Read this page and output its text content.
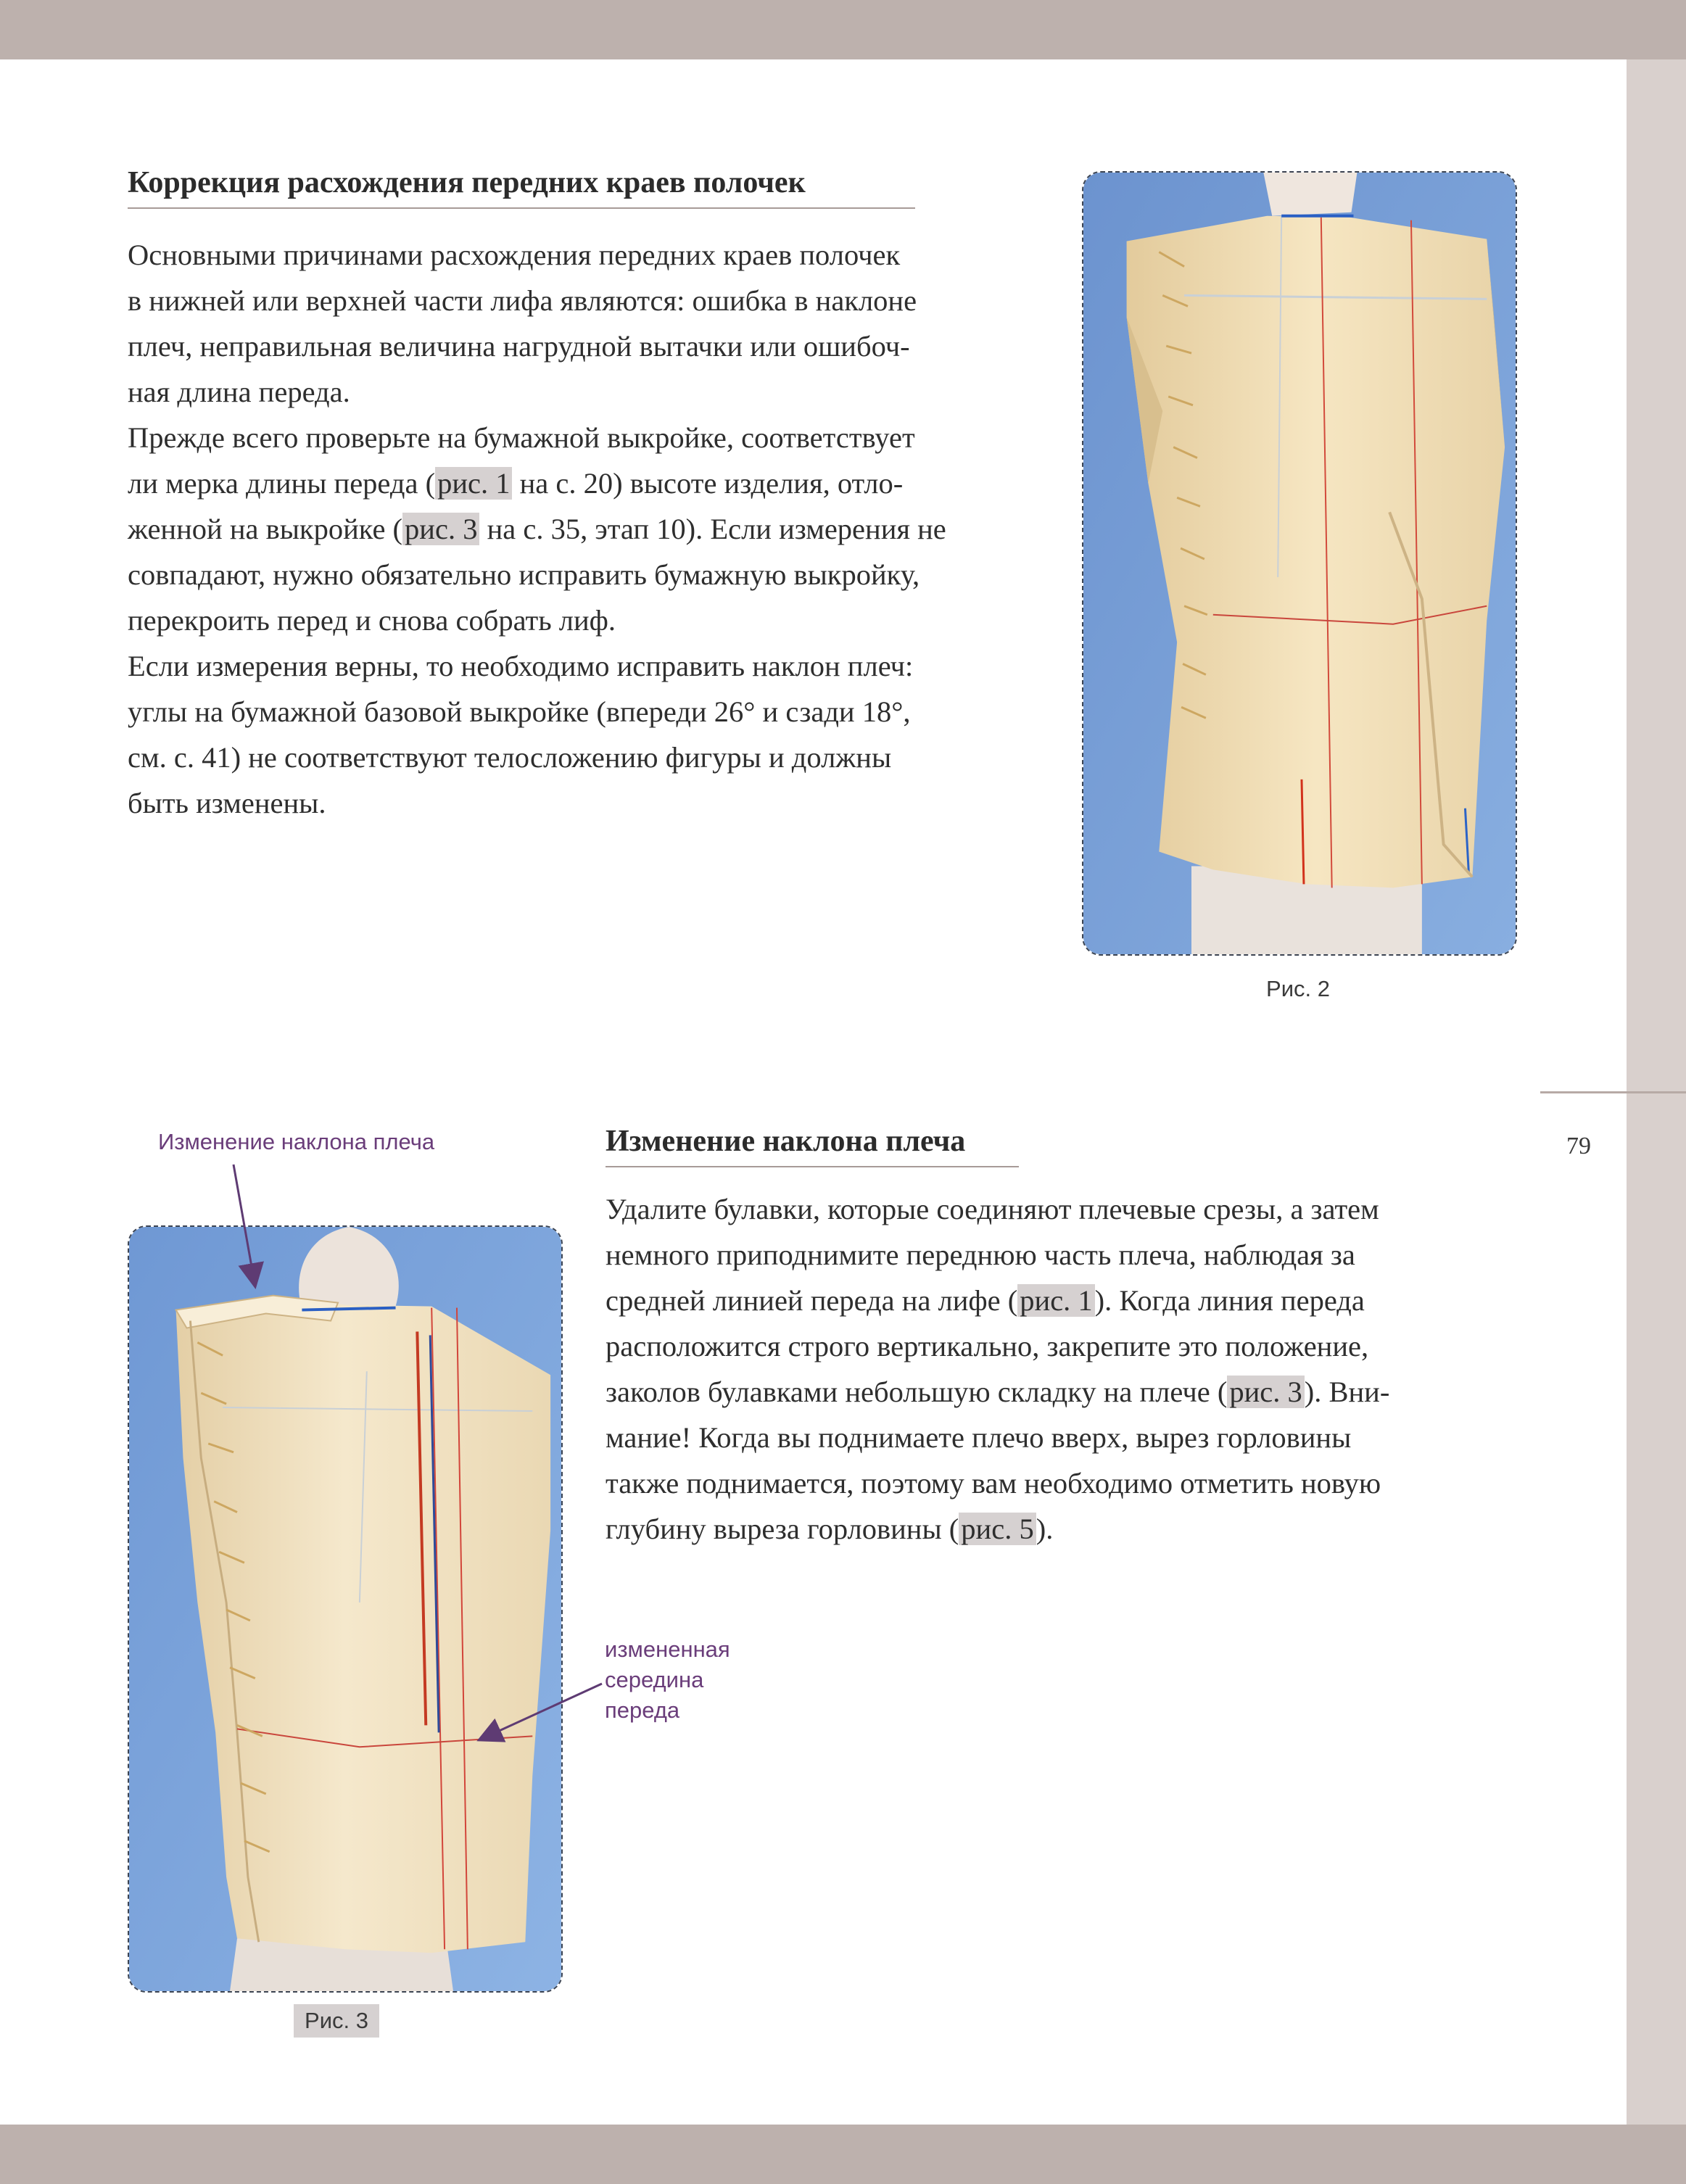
79
Коррекция расхождения передних краев полочек

Основными причинами расхождения передних краев полочек
в нижней или верхней части лифа являются: ошибка в наклоне
плеч, неправильная величина нагрудной вытачки или ошибоч-
ная длина переда.
Прежде всего проверьте на бумажной выкройке, соответствует
ли мерка длины переда (рис. 1 на с. 20) высоте изделия, отло-
женной на выкройке (рис. 3 на с. 35, этап 10). Если измерения не
совпадают, нужно обязательно исправить бумажную выкройку,
перекроить перед и снова собрать лиф.
Если измерения верны, то необходимо исправить наклон плеч:
углы на бумажной базовой выкройке (впереди 26° и сзади 18°,
см. с. 41) не соответствуют телосложению фигуры и должны
быть изменены.

Рис. 2
Изменение наклона плеча

Удалите булавки, которые соединяют плечевые срезы, а затем
немного приподнимите переднюю часть плеча, наблюдая за
средней линией переда на лифе (рис. 1). Когда линия переда
расположится строго вертикально, закрепите это положение,
заколов булавками небольшую складку на плече (рис. 3). Вни-
мание! Когда вы поднимаете плечо вверх, вырез горловины
также поднимается, поэтому вам необходимо отметить новую
глубину выреза горловины (рис. 5).

Изменение наклона плеча
измененная
середина
переда
Рис. 3
